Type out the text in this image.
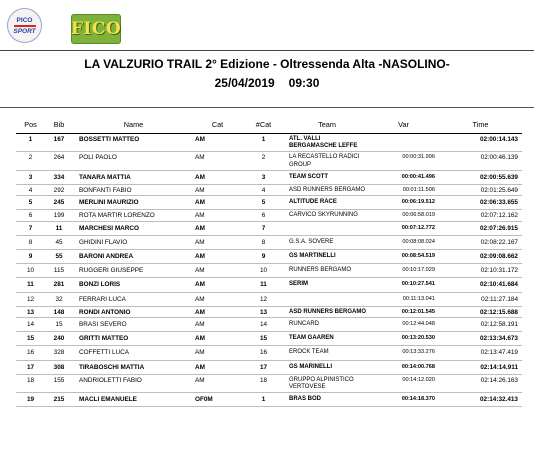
PICO
SPORT FICO
LA VALZURIO TRAIL 2° Edizione - Oltressenda Alta -NASOLINO-
25/04/2019 09:30
Pos	Bib	Name	Cat	#Cat	Team	Var	Time
1	167	BOSSETTI MATTEO	AM	1	ATL. VALLI BERGAMASCHE LEFFE		02:00:14.143
2	264	POLI PAOLO	AM	2	LA RECASTELLO RADICI GROUP	00:00:31.996	02:00:46.139
3	334	TANARA MATTIA	AM	3	TEAM SCOTT	00:00:41.496	02:00:55.639
4	292	BONFANTI FABIO	AM	4	ASD RUNNERS BERGAMO	00:01:11.506	02:01:25.649
5	245	MERLINI MAURIZIO	AM	5	ALTITUDE RACE	00:06:19.512	02:06:33.655
6	199	ROTA MARTIR LORENZO	AM	6	CARVICO SKYRUNNING	00:06:58.019	02:07:12.162
7	11	MARCHESI MARCO	AM	7		00:07:12.772	02:07:26.915
8	45	GHIDINI FLAVIO	AM	8	G.S.A. SOVERE	00:08:08.024	02:08:22.167
9	55	BARONI ANDREA	AM	9	GS MARTINELLI	00:08:54.519	02:09:08.662
10	115	RUGGERI GIUSEPPE	AM	10	RUNNERS BERGAMO	00:10:17.029	02:10:31.172
11	281	BONZI LORIS	AM	11	SERIM	00:10:27.541	02:10:41.684
12	32	FERRARI LUCA	AM	12		00:11:13.041	02:11:27.184
13	148	RONDI ANTONIO	AM	13	ASD RUNNERS BERGAMO	00:12:01.545	02:12:15.688
14	15	BRASI SEVERO	AM	14	RUNCARD	00:12:44.048	02:12:58.191
15	240	GRITTI MATTEO	AM	15	TEAM GAAREN	00:13:20.530	02:13:34.673
16	328	COFFETTI LUCA	AM	16	EROCK TEAM	00:13:33.276	02:13:47.419
17	308	TIRABOSCHI MATTIA	AM	17	GS MARINELLI	00:14:00.768	02:14:14.911
18	155	ANDRIOLETTI FABIO	AM	18	GRUPPO ALPINISTICO VERTOVESE	00:14:12.020	02:14:26.163
19	215	MACLI EMANUELE	OF0M	1	BRAS BOD	00:14:18.370	02:14:32.413
